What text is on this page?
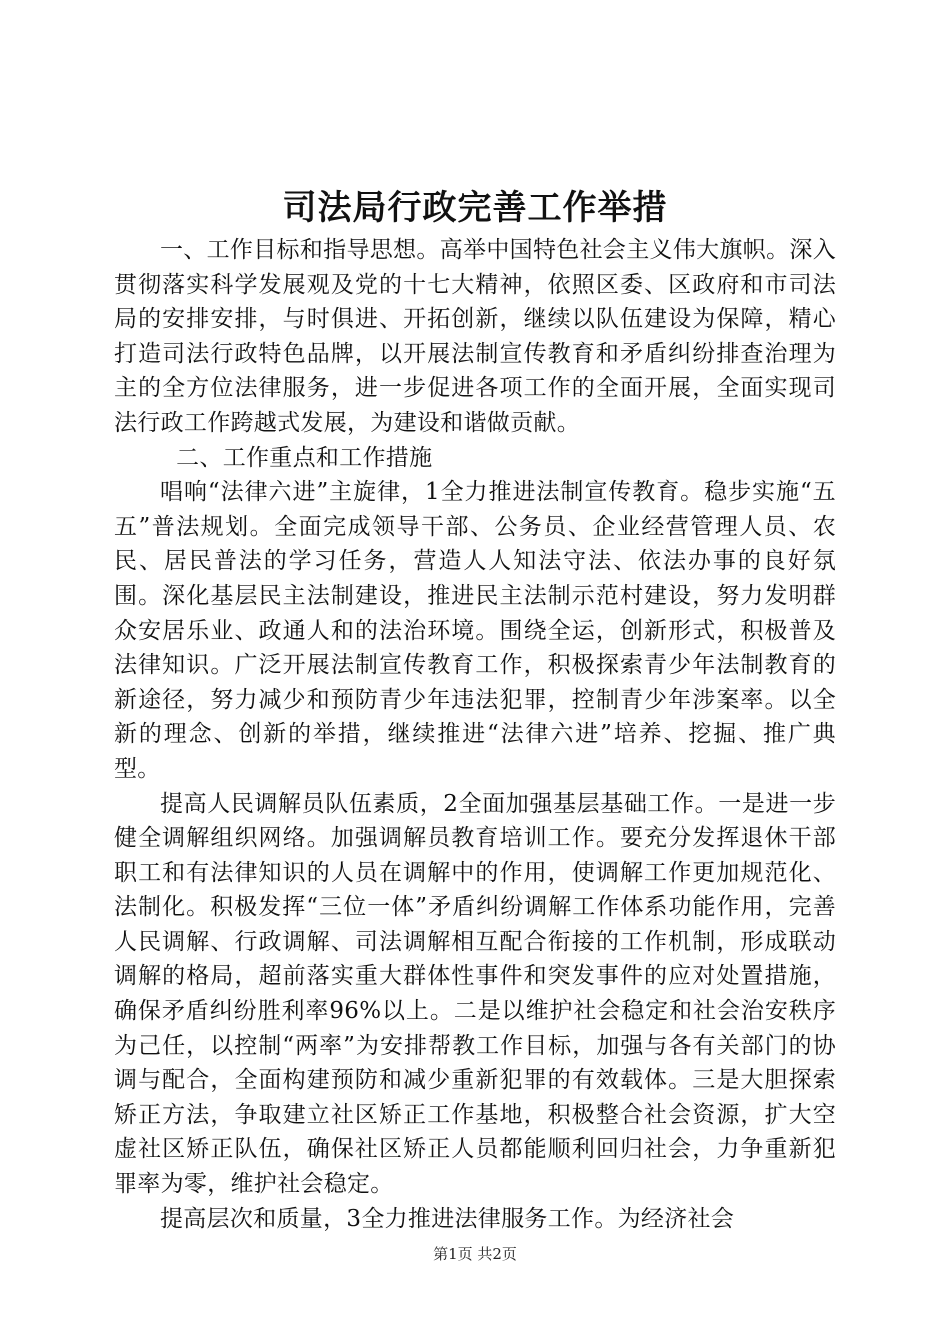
司法局行政完善工作举措

一、工作目标和指导思想。高举中国特色社会主义伟大旗帜。深入贯彻落实科学发展观及党的十七大精神，依照区委、区政府和市司法局的安排安排，与时俱进、开拓创新，继续以队伍建设为保障，精心打造司法行政特色品牌，以开展法制宣传教育和矛盾纠纷排查治理为主的全方位法律服务，进一步促进各项工作的全面开展，全面实现司法行政工作跨越式发展，为建设和谐做贡献。

二、工作重点和工作措施

唱响“法律六进”主旋律，1全力推进法制宣传教育。稳步实施“五五”普法规划。全面完成领导干部、公务员、企业经营管理人员、农民、居民普法的学习任务，营造人人知法守法、依法办事的良好氛围。深化基层民主法制建设，推进民主法制示范村建设，努力发明群众安居乐业、政通人和的法治环境。围绕全运，创新形式，积极普及法律知识。广泛开展法制宣传教育工作，积极探索青少年法制教育的新途径，努力减少和预防青少年违法犯罪，控制青少年涉案率。以全新的理念、创新的举措，继续推进“法律六进”培养、挖掘、推广典型。

提高人民调解员队伍素质，2全面加强基层基础工作。一是进一步健全调解组织网络。加强调解员教育培训工作。要充分发挥退休干部职工和有法律知识的人员在调解中的作用，使调解工作更加规范化、法制化。积极发挥“三位一体”矛盾纠纷调解工作体系功能作用，完善人民调解、行政调解、司法调解相互配合衔接的工作机制，形成联动调解的格局，超前落实重大群体性事件和突发事件的应对处置措施，确保矛盾纠纷胜利率96%以上。二是以维护社会稳定和社会治安秩序为己任，以控制“两率”为安排帮教工作目标，加强与各有关部门的协调与配合，全面构建预防和减少重新犯罪的有效载体。三是大胆探索矫正方法，争取建立社区矫正工作基地，积极整合社会资源，扩大空虚社区矫正队伍，确保社区矫正人员都能顺利回归社会，力争重新犯罪率为零，维护社会稳定。

提高层次和质量，3全力推进法律服务工作。为经济社会

第1页 共2页
